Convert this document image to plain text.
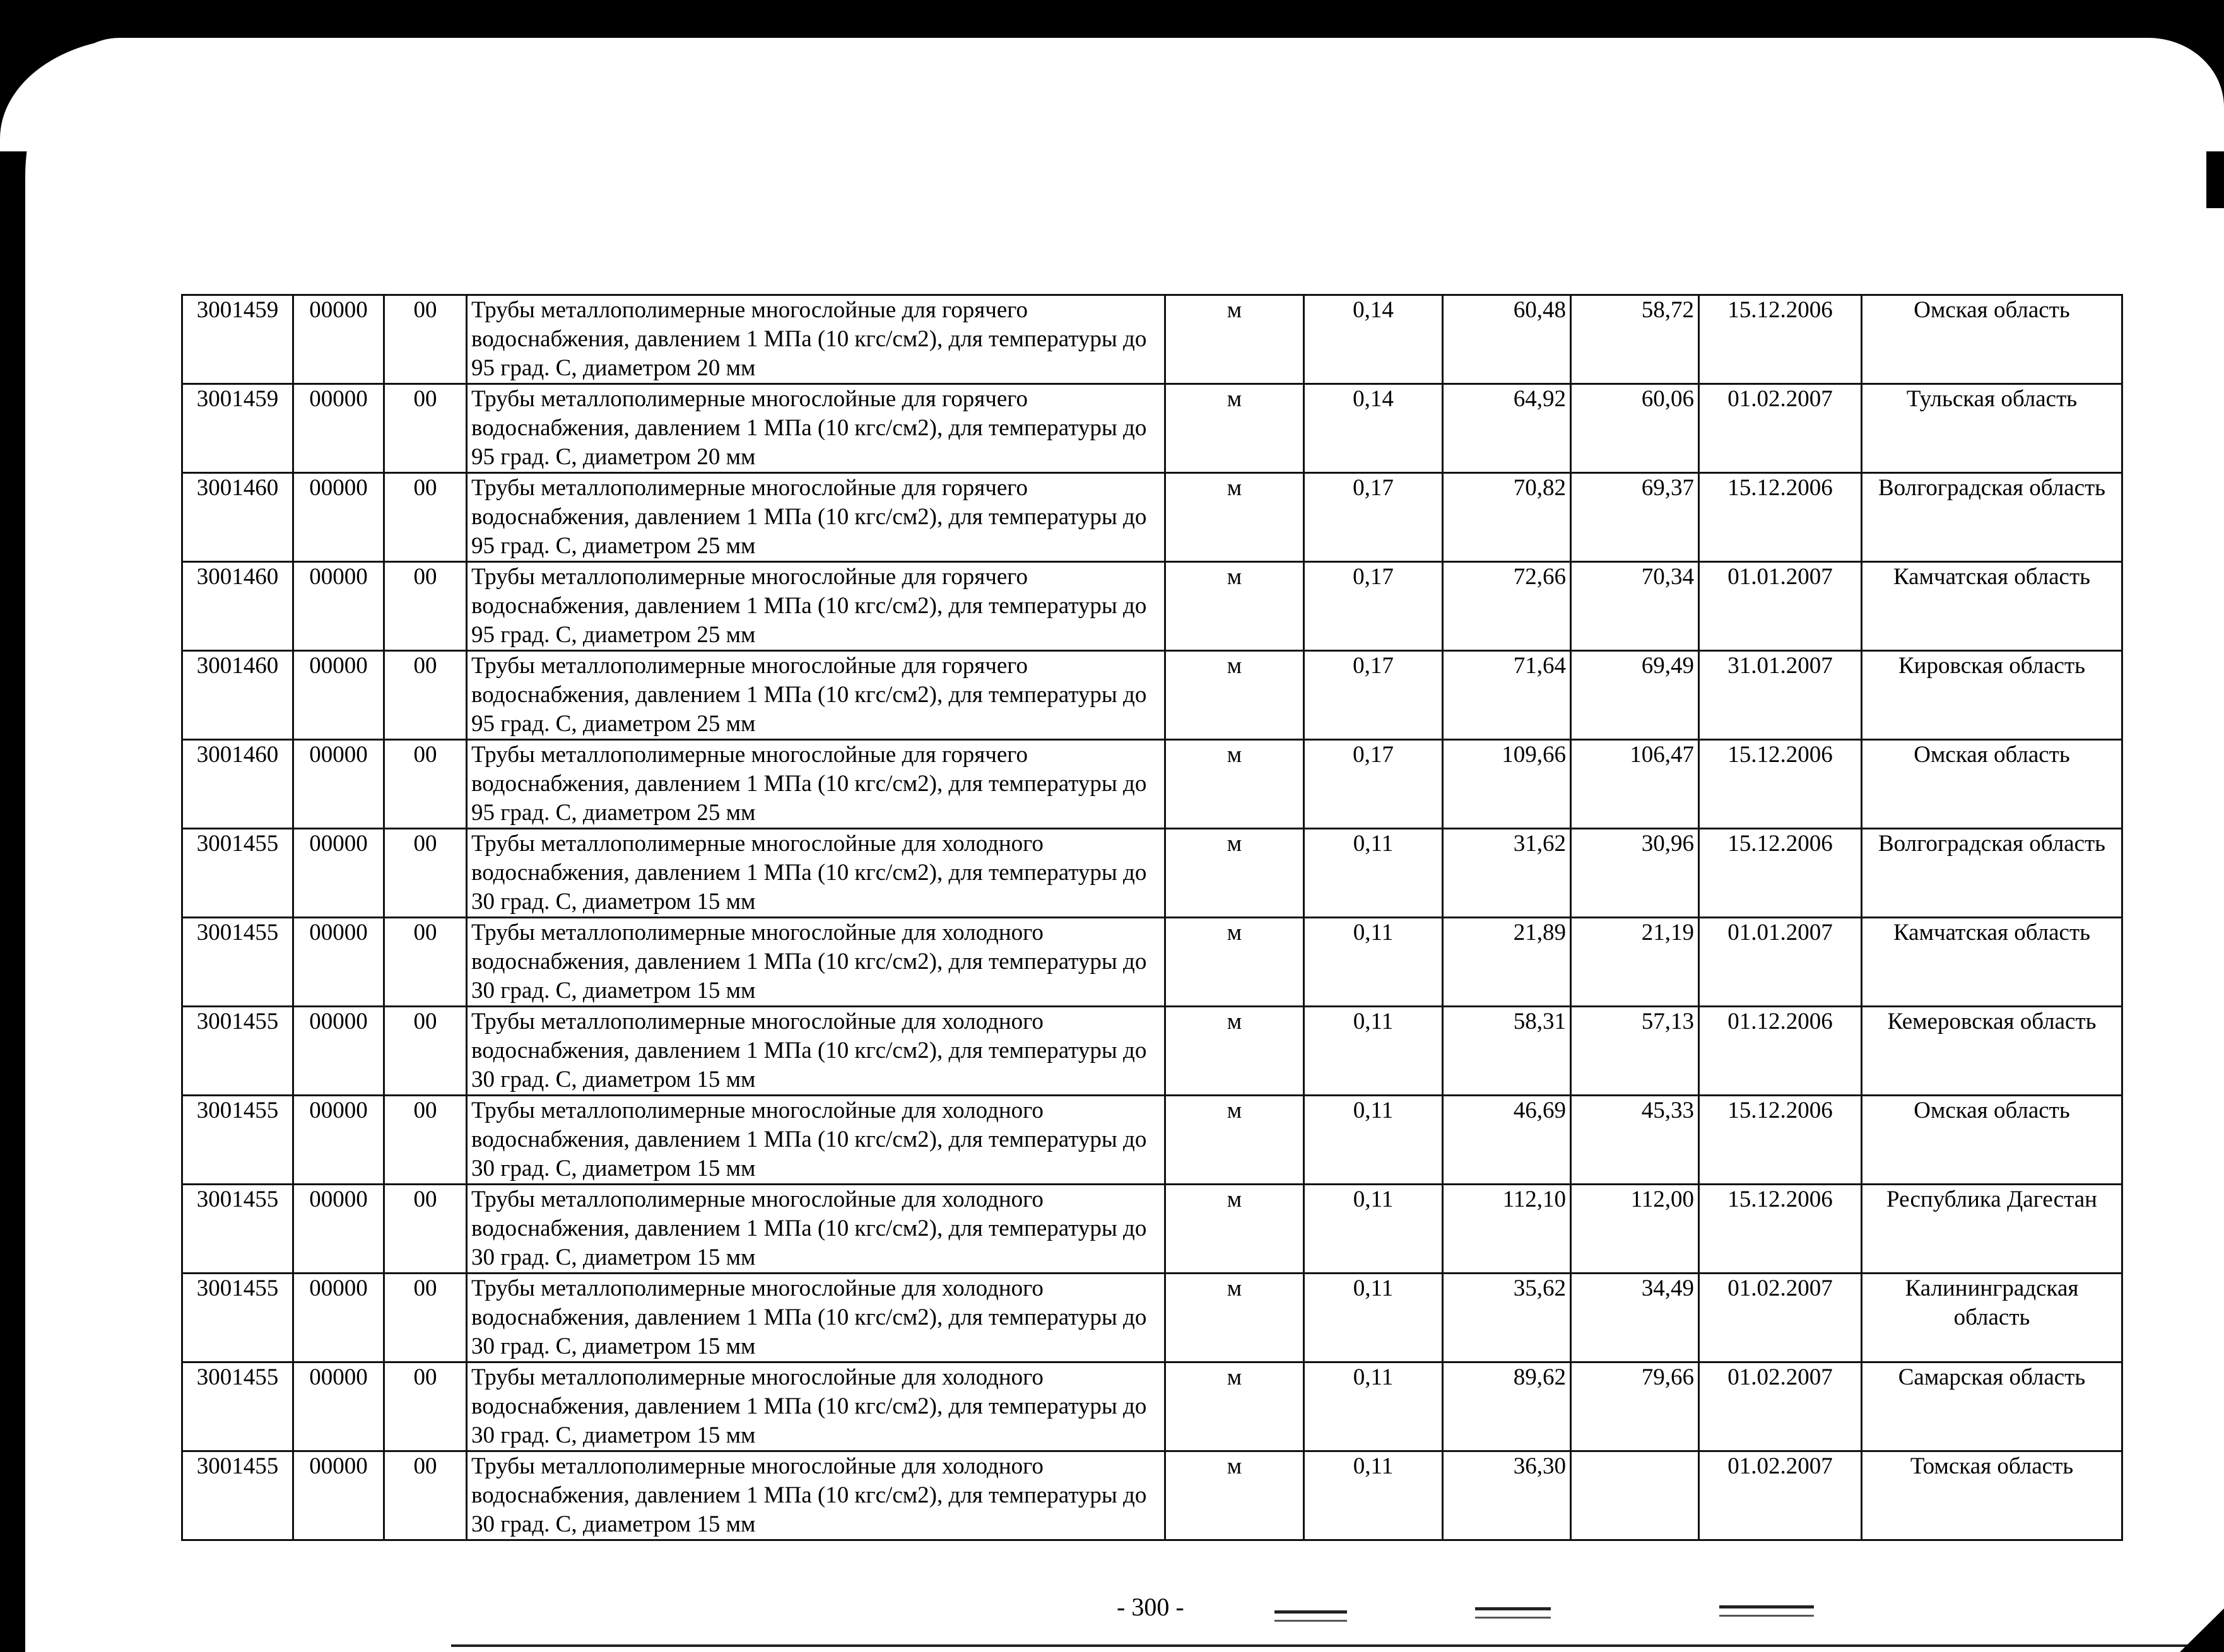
3001459	00000	00	Трубы металлополимерные многослойные для горячего водоснабжения, давлением 1 МПа (10 кгс/см2), для температуры до 95 град. С, диаметром 20 мм	м	0,14	60,48	58,72	15.12.2006	Омская область
3001459	00000	00	Трубы металлополимерные многослойные для горячего водоснабжения, давлением 1 МПа (10 кгс/см2), для температуры до 95 град. С, диаметром 20 мм	м	0,14	64,92	60,06	01.02.2007	Тульская область
3001460	00000	00	Трубы металлополимерные многослойные для горячего водоснабжения, давлением 1 МПа (10 кгс/см2), для температуры до 95 град. С, диаметром 25 мм	м	0,17	70,82	69,37	15.12.2006	Волгоградская область
3001460	00000	00	Трубы металлополимерные многослойные для горячего водоснабжения, давлением 1 МПа (10 кгс/см2), для температуры до 95 град. С, диаметром 25 мм	м	0,17	72,66	70,34	01.01.2007	Камчатская область
3001460	00000	00	Трубы металлополимерные многослойные для горячего водоснабжения, давлением 1 МПа (10 кгс/см2), для температуры до 95 град. С, диаметром 25 мм	м	0,17	71,64	69,49	31.01.2007	Кировская область
3001460	00000	00	Трубы металлополимерные многослойные для горячего водоснабжения, давлением 1 МПа (10 кгс/см2), для температуры до 95 град. С, диаметром 25 мм	м	0,17	109,66	106,47	15.12.2006	Омская область
3001455	00000	00	Трубы металлополимерные многослойные для холодного водоснабжения, давлением 1 МПа (10 кгс/см2), для температуры до 30 град. С, диаметром 15 мм	м	0,11	31,62	30,96	15.12.2006	Волгоградская область
3001455	00000	00	Трубы металлополимерные многослойные для холодного водоснабжения, давлением 1 МПа (10 кгс/см2), для температуры до 30 град. С, диаметром 15 мм	м	0,11	21,89	21,19	01.01.2007	Камчатская область
3001455	00000	00	Трубы металлополимерные многослойные для холодного водоснабжения, давлением 1 МПа (10 кгс/см2), для температуры до 30 град. С, диаметром 15 мм	м	0,11	58,31	57,13	01.12.2006	Кемеровская область
3001455	00000	00	Трубы металлополимерные многослойные для холодного водоснабжения, давлением 1 МПа (10 кгс/см2), для температуры до 30 град. С, диаметром 15 мм	м	0,11	46,69	45,33	15.12.2006	Омская область
3001455	00000	00	Трубы металлополимерные многослойные для холодного водоснабжения, давлением 1 МПа (10 кгс/см2), для температуры до 30 град. С, диаметром 15 мм	м	0,11	112,10	112,00	15.12.2006	Республика Дагестан
3001455	00000	00	Трубы металлополимерные многослойные для холодного водоснабжения, давлением 1 МПа (10 кгс/см2), для температуры до 30 град. С, диаметром 15 мм	м	0,11	35,62	34,49	01.02.2007	Калининградская область
3001455	00000	00	Трубы металлополимерные многослойные для холодного водоснабжения, давлением 1 МПа (10 кгс/см2), для температуры до 30 град. С, диаметром 15 мм	м	0,11	89,62	79,66	01.02.2007	Самарская область
3001455	00000	00	Трубы металлополимерные многослойные для холодного водоснабжения, давлением 1 МПа (10 кгс/см2), для температуры до 30 град. С, диаметром 15 мм	м	0,11	36,30		01.02.2007	Томская область
- 300 -
